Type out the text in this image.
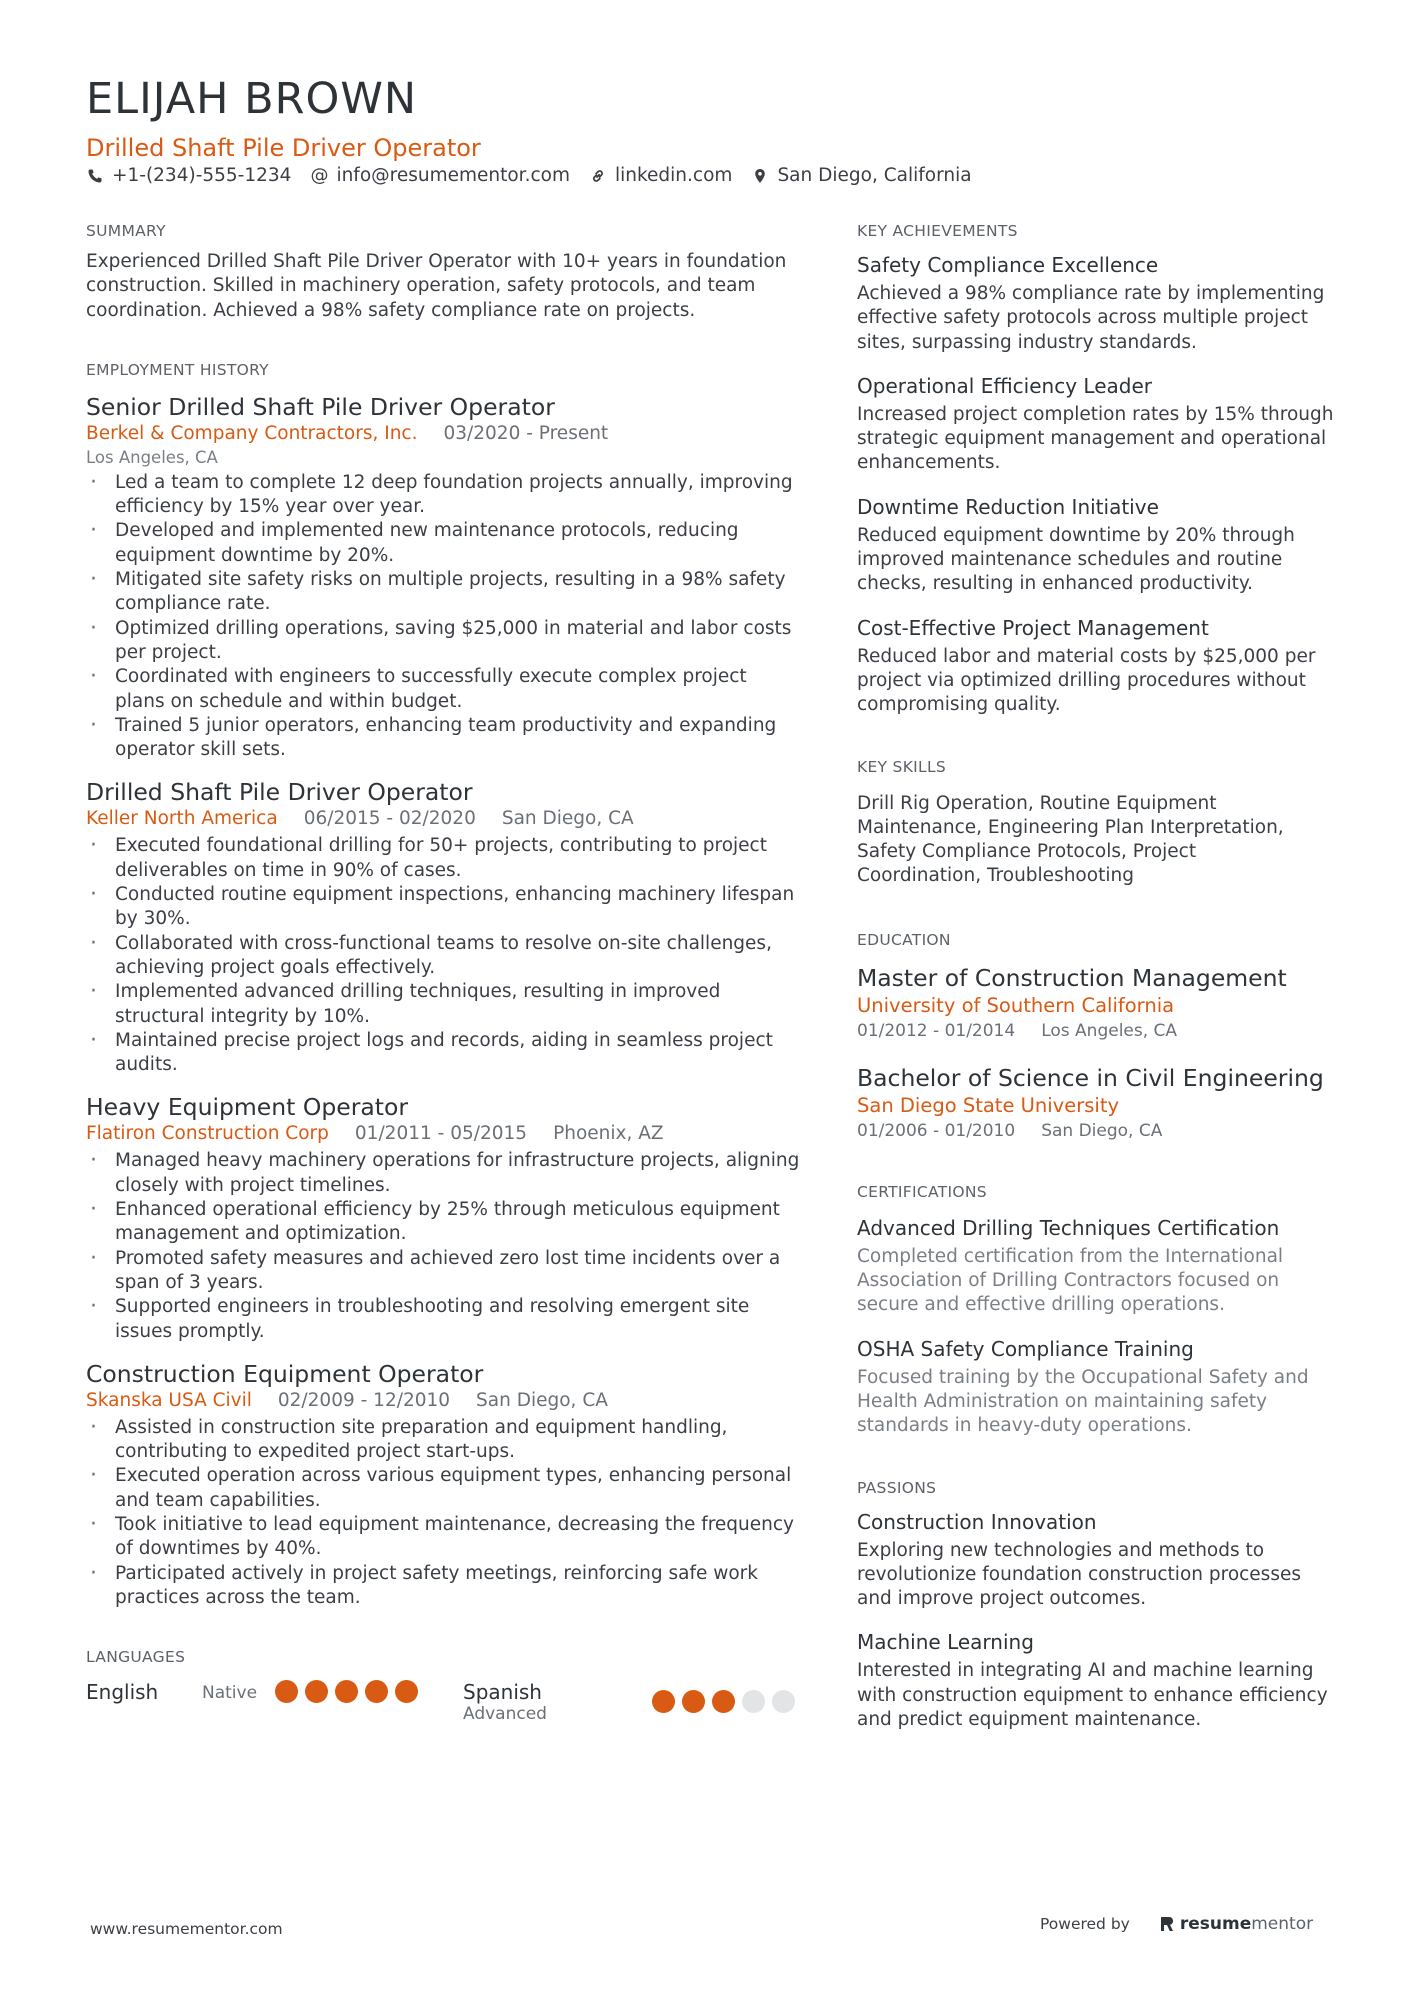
ELIJAH BROWN
Drilled Shaft Pile Driver Operator
+1-(234)-555-1234 @ info@resumementor.com linkedin.com San Diego, California
SUMMARY
Experienced Drilled Shaft Pile Driver Operator with 10+ years in foundation construction. Skilled in machinery operation, safety protocols, and team coordination. Achieved a 98% safety compliance rate on projects.
EMPLOYMENT HISTORY
Senior Drilled Shaft Pile Driver Operator
Berkel & Company Contractors, Inc. 03/2020 - Present
Los Angeles, CA
· Led a team to complete 12 deep foundation projects annually, improving efficiency by 15% year over year.
· Developed and implemented new maintenance protocols, reducing equipment downtime by 20%.
· Mitigated site safety risks on multiple projects, resulting in a 98% safety compliance rate.
· Optimized drilling operations, saving $25,000 in material and labor costs per project.
· Coordinated with engineers to successfully execute complex project plans on schedule and within budget.
· Trained 5 junior operators, enhancing team productivity and expanding operator skill sets.
Drilled Shaft Pile Driver Operator
Keller North America 06/2015 - 02/2020 San Diego, CA
· Executed foundational drilling for 50+ projects, contributing to project deliverables on time in 90% of cases.
· Conducted routine equipment inspections, enhancing machinery lifespan by 30%.
· Collaborated with cross-functional teams to resolve on-site challenges, achieving project goals effectively.
· Implemented advanced drilling techniques, resulting in improved structural integrity by 10%.
· Maintained precise project logs and records, aiding in seamless project audits.
Heavy Equipment Operator
Flatiron Construction Corp 01/2011 - 05/2015 Phoenix, AZ
· Managed heavy machinery operations for infrastructure projects, aligning closely with project timelines.
· Enhanced operational efficiency by 25% through meticulous equipment management and optimization.
· Promoted safety measures and achieved zero lost time incidents over a span of 3 years.
· Supported engineers in troubleshooting and resolving emergent site issues promptly.
Construction Equipment Operator
Skanska USA Civil 02/2009 - 12/2010 San Diego, CA
· Assisted in construction site preparation and equipment handling, contributing to expedited project start-ups.
· Executed operation across various equipment types, enhancing personal and team capabilities.
· Took initiative to lead equipment maintenance, decreasing the frequency of downtimes by 40%.
· Participated actively in project safety meetings, reinforcing safe work practices across the team.
LANGUAGES
English	Native	Spanish
Advanced
KEY ACHIEVEMENTS
Safety Compliance Excellence
Achieved a 98% compliance rate by implementing effective safety protocols across multiple project sites, surpassing industry standards.
Operational Efficiency Leader
Increased project completion rates by 15% through strategic equipment management and operational enhancements.
Downtime Reduction Initiative
Reduced equipment downtime by 20% through improved maintenance schedules and routine checks, resulting in enhanced productivity.
Cost-Effective Project Management
Reduced labor and material costs by $25,000 per project via optimized drilling procedures without compromising quality.
KEY SKILLS
Drill Rig Operation, Routine Equipment Maintenance, Engineering Plan Interpretation, Safety Compliance Protocols, Project Coordination, Troubleshooting
EDUCATION
Master of Construction Management
University of Southern California
01/2012 - 01/2014 Los Angeles, CA
Bachelor of Science in Civil Engineering
San Diego State University
01/2006 - 01/2010 San Diego, CA
CERTIFICATIONS
Advanced Drilling Techniques Certification
Completed certification from the International Association of Drilling Contractors focused on secure and effective drilling operations.
OSHA Safety Compliance Training
Focused training by the Occupational Safety and Health Administration on maintaining safety standards in heavy-duty operations.
PASSIONS
Construction Innovation
Exploring new technologies and methods to revolutionize foundation construction processes and improve project outcomes.
Machine Learning
Interested in integrating AI and machine learning with construction equipment to enhance efficiency and predict equipment maintenance.
www.resumementor.com	Powered by	resume mentor
